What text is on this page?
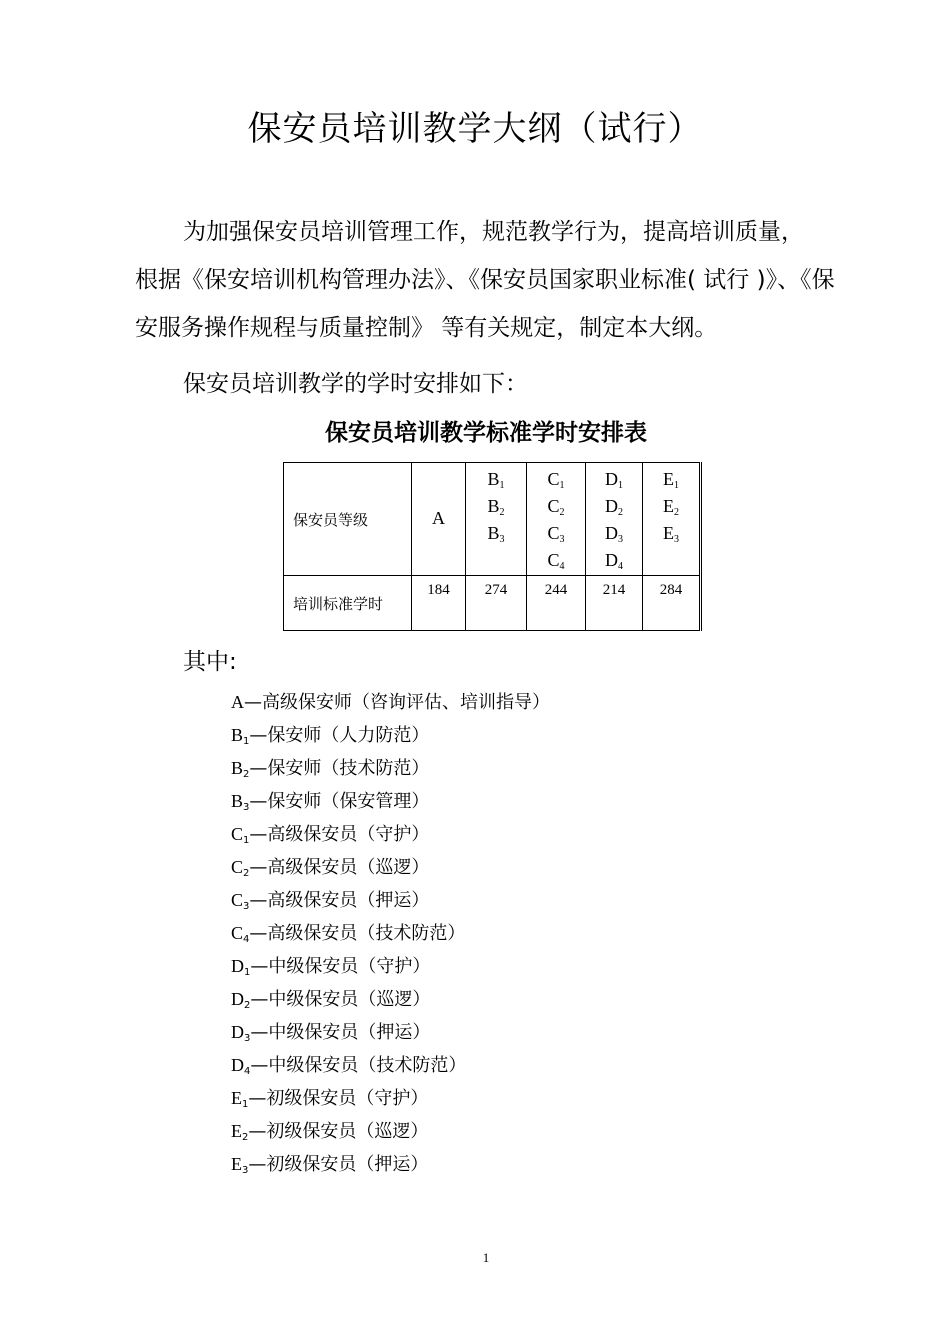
保安员培训教学大纲（试行）
为加强保安员培训管理工作，规范教学行为，提高培训质量，
根据《保安培训机构管理办法》、《保安员国家职业标准( 试行 )》、《保
安服务操作规程与质量控制》 等有关规定，制定本大纲。
保安员培训教学的学时安排如下：
保安员培训教学标准学时安排表
保安员等级	A	$B_1$
$B_2$
$B_3$	$C_1$
$C_2$
$C_3$
$C_4$	$D_1$
$D_2$
$D_3$
$D_4$	$E_1$
$E_2$
$E_3$

培训标准学时	184	274	244	214	284
其中:
A—高级保安师（咨询评估、培训指导）
$B_1—$保安师（人力防范）
$B_2—$保安师（技术防范）
$B_3—$保安师（保安管理）
$C_1—$高级保安员（守护）
$C_2—$高级保安员（巡逻）
$C_3—$高级保安员（押运）
$C_4—$高级保安员（技术防范）
$D_1—$中级保安员（守护）
$D_2—$中级保安员（巡逻）
$D_3—$中级保安员（押运）
$D_4—$中级保安员（技术防范）
$E_1—$初级保安员（守护）
$E_2—$初级保安员（巡逻）
$E_3—$初级保安员（押运）
1
